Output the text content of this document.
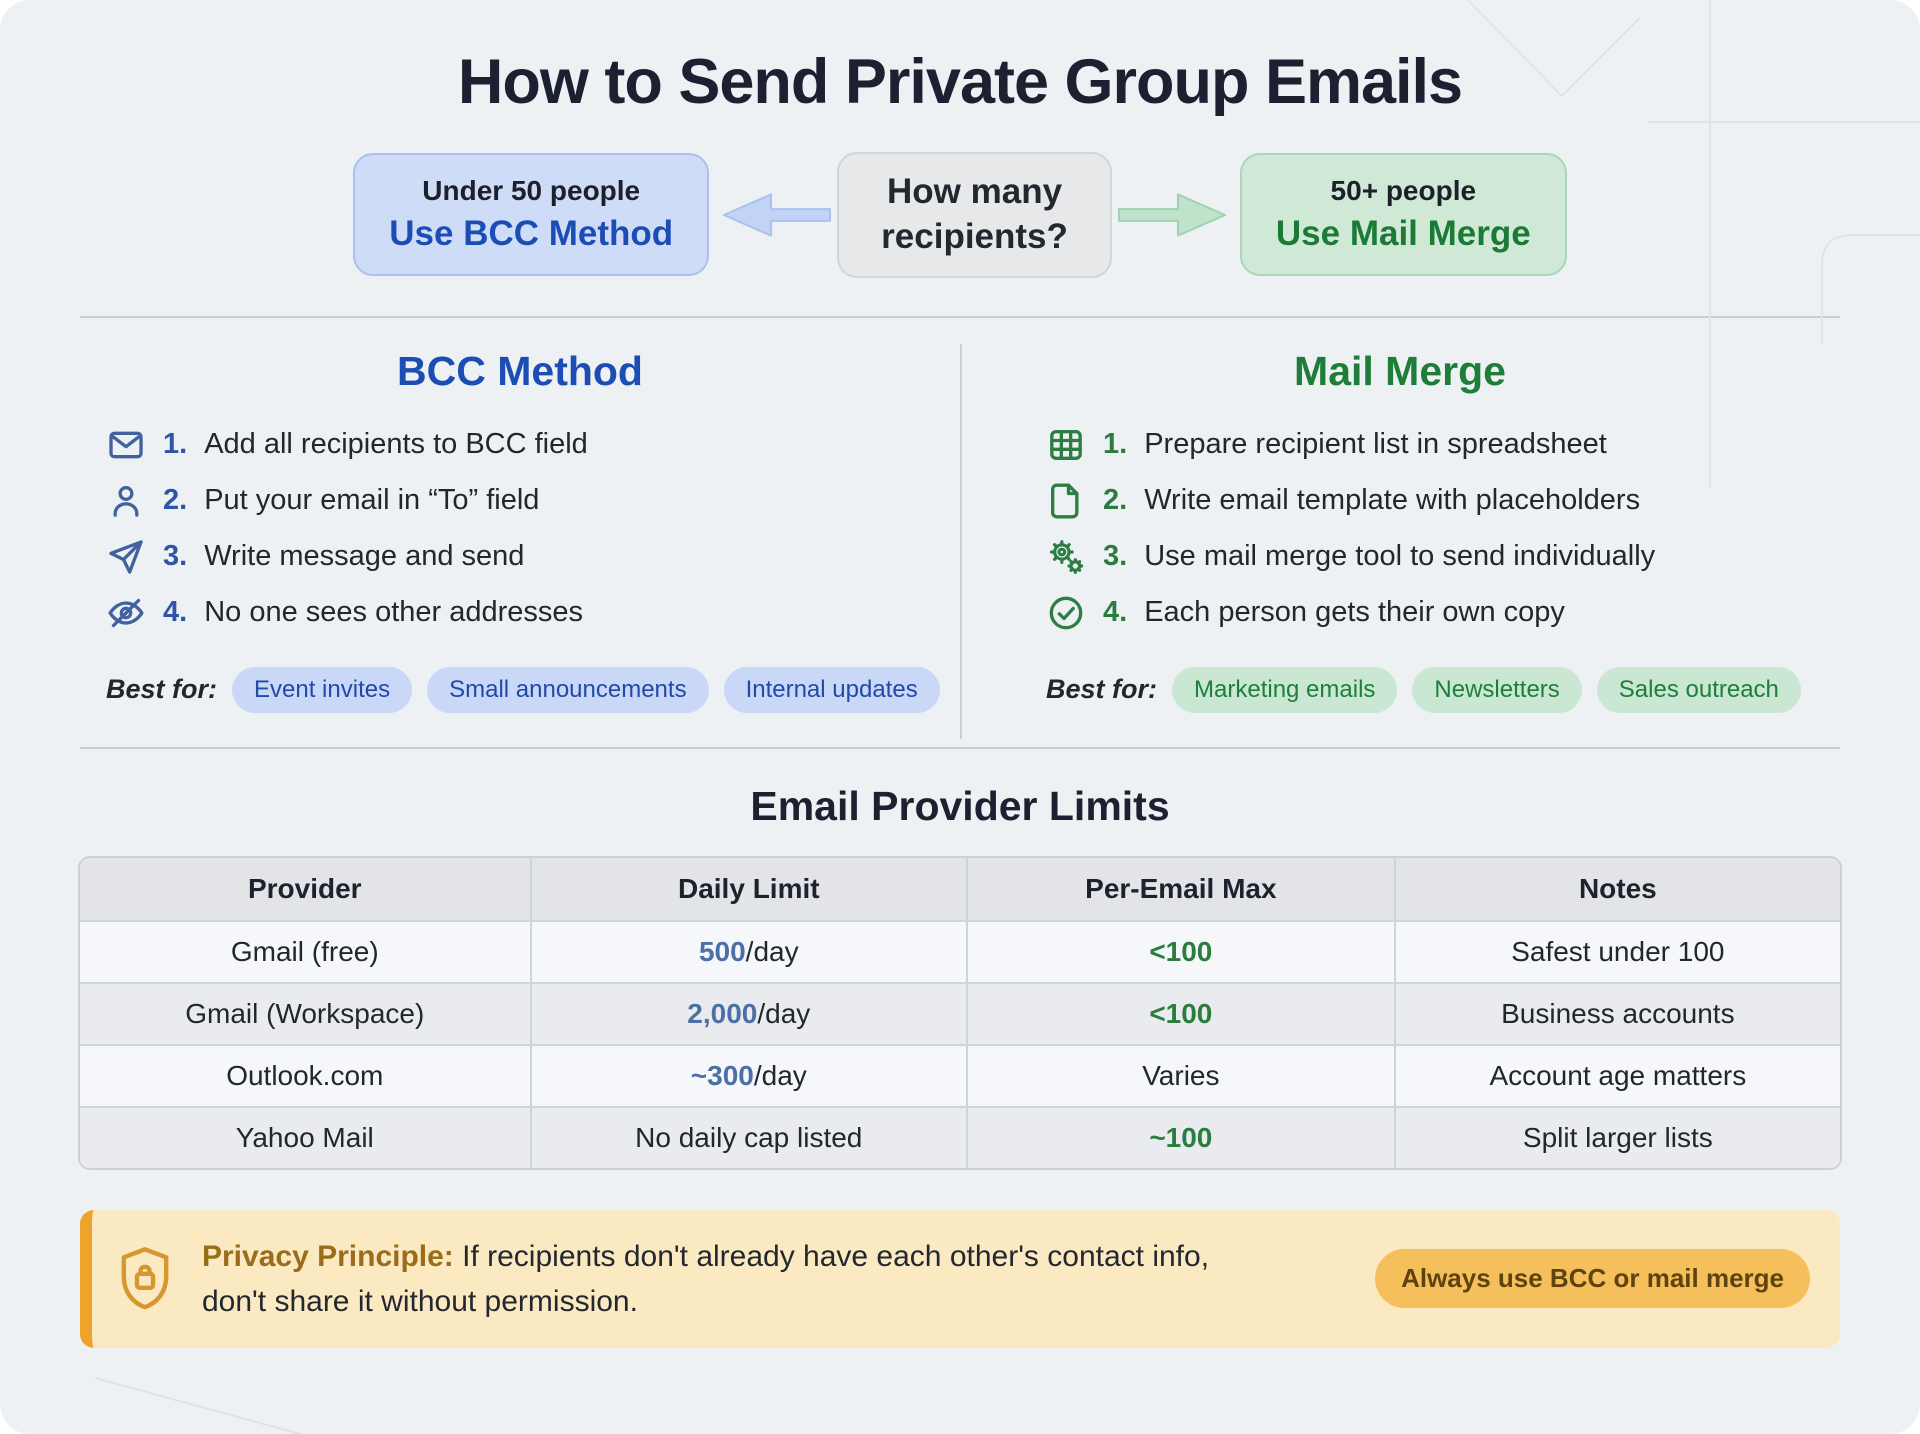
How to Send Private Group Emails
Under 50 people
Use BCC Method
How many
recipients?
50+ people
Use Mail Merge
BCC Method
1. Add all recipients to BCC field
2. Put your email in “To” field
3. Write message and send
4. No one sees other addresses
Best for:	Event invites	Small announcements	Internal updates
Mail Merge
1. Prepare recipient list in spreadsheet
2. Write email template with placeholders
3. Use mail merge tool to send individually
4. Each person gets their own copy
Best for:	Marketing emails	Newsletters	Sales outreach
Email Provider Limits
Provider	Daily Limit	Per-Email Max	Notes
Gmail (free)	500/day	<100	Safest under 100
Gmail (Workspace)	2,000/day	<100	Business accounts
Outlook.com	~300/day	Varies	Account age matters
Yahoo Mail	No daily cap listed	~100	Split larger lists
Privacy Principle: If recipients don't already have each other's contact info, don't share it without permission.
Always use BCC or mail merge
